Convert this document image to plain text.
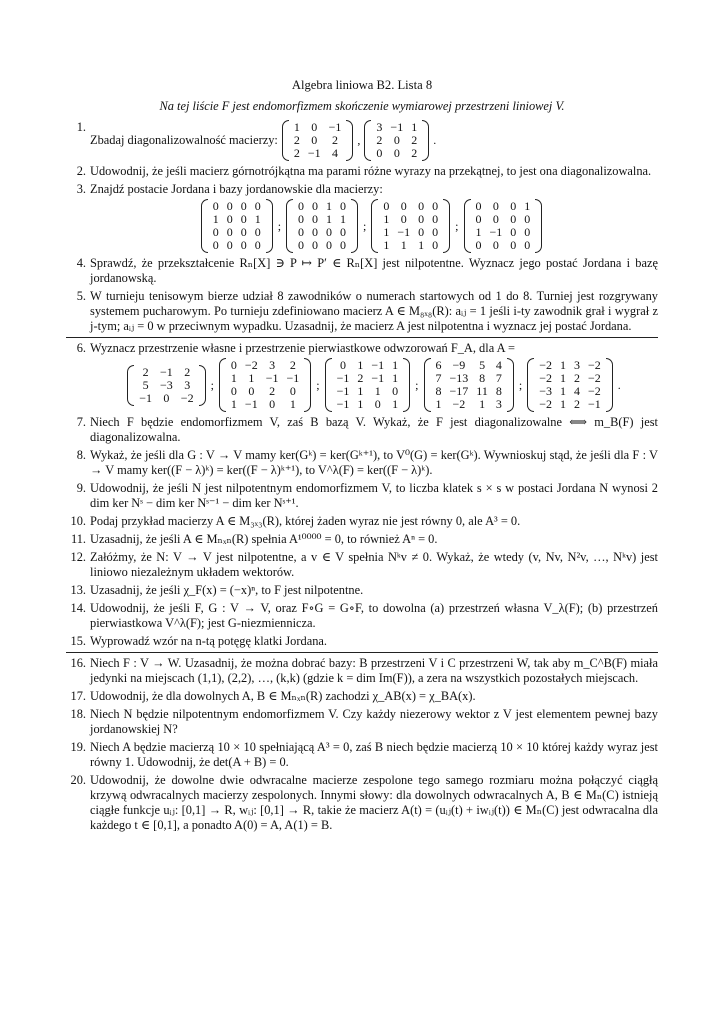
Algebra liniowa B2. Lista 8
Na tej liście F jest endomorfizmem skończenie wymiarowej przestrzeni liniowej V.
1.
Zbadaj diagonalizowalność macierzy:
1	0	−1
2	0	2
2	−1	4
,
3	−1	1
2	0	2
0	0	2
.
2. Udowodnij, że jeśli macierz górnotrójkątna ma parami różne wyrazy na przekątnej, to jest ona diagonalizowalna.
3. Znajdź postacie Jordana i bazy jordanowskie dla macierzy:
0	0	0	0
1	0	0	1
0	0	0	0
0	0	0	0
;
0	0	1	0
0	0	1	1
0	0	0	0
0	0	0	0
;
0	0	0	0
1	0	0	0
1	−1	0	0
1	1	1	0
;
0	0	0	1
0	0	0	0
1	−1	0	0
0	0	0	0
4. Sprawdź, że przekształcenie Rₙ[X] ∋ P ↦ P′ ∈ Rₙ[X] jest nilpotentne. Wyznacz jego postać Jordana i bazę jordanowską.
5. W turnieju tenisowym bierze udział 8 zawodników o numerach startowych od 1 do 8. Turniej jest rozgrywany systemem pucharowym. Po turnieju zdefiniowano macierz A ∈ M₈ₓ₈(R): aᵢⱼ = 1 jeśli i-ty zawodnik grał i wygrał z j-tym; aᵢⱼ = 0 w przeciwnym wypadku. Uzasadnij, że macierz A jest nilpotentna i wyznacz jej postać Jordana.
6. Wyznacz przestrzenie własne i przestrzenie pierwiastkowe odwzorowań F_A, dla A =
2	−1	2
5	−3	3
−1	0	−2
;
0	−2	3	2
1	1	−1	−1
0	0	2	0
1	−1	0	1
;
0	1	−1	1
−1	2	−1	1
−1	1	1	0
−1	1	0	1
;
6	−9	5	4
7	−13	8	7
8	−17	11	8
1	−2	1	3
;
−2	1	3	−2
−2	1	2	−2
−3	1	4	−2
−2	1	2	−1
.
7. Niech F będzie endomorfizmem V, zaś B bazą V. Wykaż, że F jest diagonalizowalne ⟺ m_B(F) jest diagonalizowalna.
8. Wykaż, że jeśli dla G : V → V mamy ker(Gᵏ) = ker(Gᵏ⁺¹), to V⁰(G) = ker(Gᵏ). Wywnioskuj stąd, że jeśli dla F : V → V mamy ker((F − λ)ᵏ) = ker((F − λ)ᵏ⁺¹), to V^λ(F) = ker((F − λ)ᵏ).
9. Udowodnij, że jeśli N jest nilpotentnym endomorfizmem V, to liczba klatek s × s w postaci Jordana N wynosi 2 dim ker Nˢ − dim ker Nˢ⁻¹ − dim ker Nˢ⁺¹.
10. Podaj przykład macierzy A ∈ M₃ₓ₃(R), której żaden wyraz nie jest równy 0, ale A³ = 0.
11. Uzasadnij, że jeśli A ∈ Mₙₓₙ(R) spełnia A¹⁰⁰⁰⁰ = 0, to również Aⁿ = 0.
12. Załóżmy, że N: V → V jest nilpotentne, a v ∈ V spełnia Nᵏv ≠ 0. Wykaż, że wtedy (v, Nv, N²v, …, Nᵏv) jest liniowo niezależnym układem wektorów.
13. Uzasadnij, że jeśli χ_F(x) = (−x)ⁿ, to F jest nilpotentne.
14. Udowodnij, że jeśli F, G : V → V, oraz F∘G = G∘F, to dowolna (a) przestrzeń własna V_λ(F); (b) przestrzeń pierwiastkowa V^λ(F); jest G-niezmiennicza.
15. Wyprowadź wzór na n-tą potęgę klatki Jordana.
16. Niech F : V → W. Uzasadnij, że można dobrać bazy: B przestrzeni V i C przestrzeni W, tak aby m_C^B(F) miała jedynki na miejscach (1,1), (2,2), …, (k,k) (gdzie k = dim Im(F)), a zera na wszystkich pozostałych miejscach.
17. Udowodnij, że dla dowolnych A, B ∈ Mₙₓₙ(R) zachodzi χ_AB(x) = χ_BA(x).
18. Niech N będzie nilpotentnym endomorfizmem V. Czy każdy niezerowy wektor z V jest elementem pewnej bazy jordanowskiej N?
19. Niech A będzie macierzą 10 × 10 spełniającą A³ = 0, zaś B niech będzie macierzą 10 × 10 której każdy wyraz jest równy 1. Udowodnij, że det(A + B) = 0.
20. Udowodnij, że dowolne dwie odwracalne macierze zespolone tego samego rozmiaru można połączyć ciągłą krzywą odwracalnych macierzy zespolonych. Innymi słowy: dla dowolnych odwracalnych A, B ∈ Mₙ(C) istnieją ciągłe funkcje uᵢⱼ: [0,1] → R, wᵢⱼ: [0,1] → R, takie że macierz A(t) = (uᵢⱼ(t) + iwᵢⱼ(t)) ∈ Mₙ(C) jest odwracalna dla każdego t ∈ [0,1], a ponadto A(0) = A, A(1) = B.
